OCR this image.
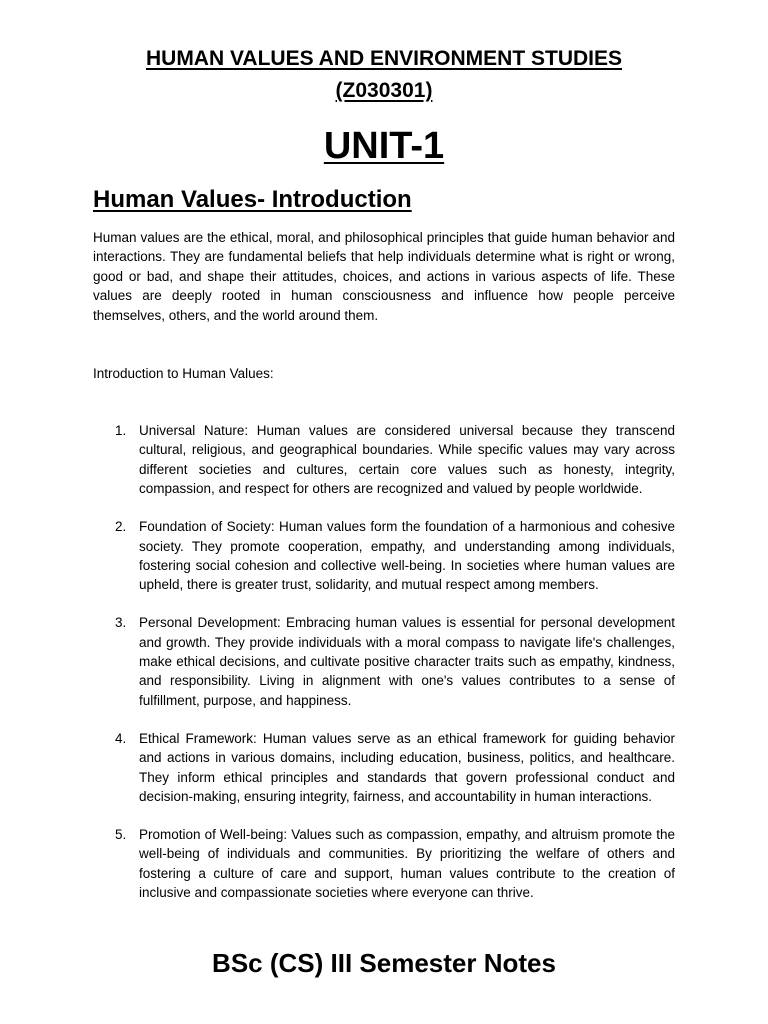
HUMAN VALUES AND ENVIRONMENT STUDIES
(Z030301)
UNIT-1
Human Values- Introduction

Human values are the ethical, moral, and philosophical principles that guide human behavior and interactions. They are fundamental beliefs that help individuals determine what is right or wrong, good or bad, and shape their attitudes, choices, and actions in various aspects of life. These values are deeply rooted in human consciousness and influence how people perceive themselves, others, and the world around them.

Introduction to Human Values:
1. Universal Nature: Human values are considered universal because they transcend cultural, religious, and geographical boundaries. While specific values may vary across different societies and cultures, certain core values such as honesty, integrity, compassion, and respect for others are recognized and valued by people worldwide.
2. Foundation of Society: Human values form the foundation of a harmonious and cohesive society. They promote cooperation, empathy, and understanding among individuals, fostering social cohesion and collective well-being. In societies where human values are upheld, there is greater trust, solidarity, and mutual respect among members.
3. Personal Development: Embracing human values is essential for personal development and growth. They provide individuals with a moral compass to navigate life's challenges, make ethical decisions, and cultivate positive character traits such as empathy, kindness, and responsibility. Living in alignment with one's values contributes to a sense of fulfillment, purpose, and happiness.
4. Ethical Framework: Human values serve as an ethical framework for guiding behavior and actions in various domains, including education, business, politics, and healthcare. They inform ethical principles and standards that govern professional conduct and decision-making, ensuring integrity, fairness, and accountability in human interactions.
5. Promotion of Well-being: Values such as compassion, empathy, and altruism promote the well-being of individuals and communities. By prioritizing the welfare of others and fostering a culture of care and support, human values contribute to the creation of inclusive and compassionate societies where everyone can thrive.
BSc (CS) III Semester Notes
